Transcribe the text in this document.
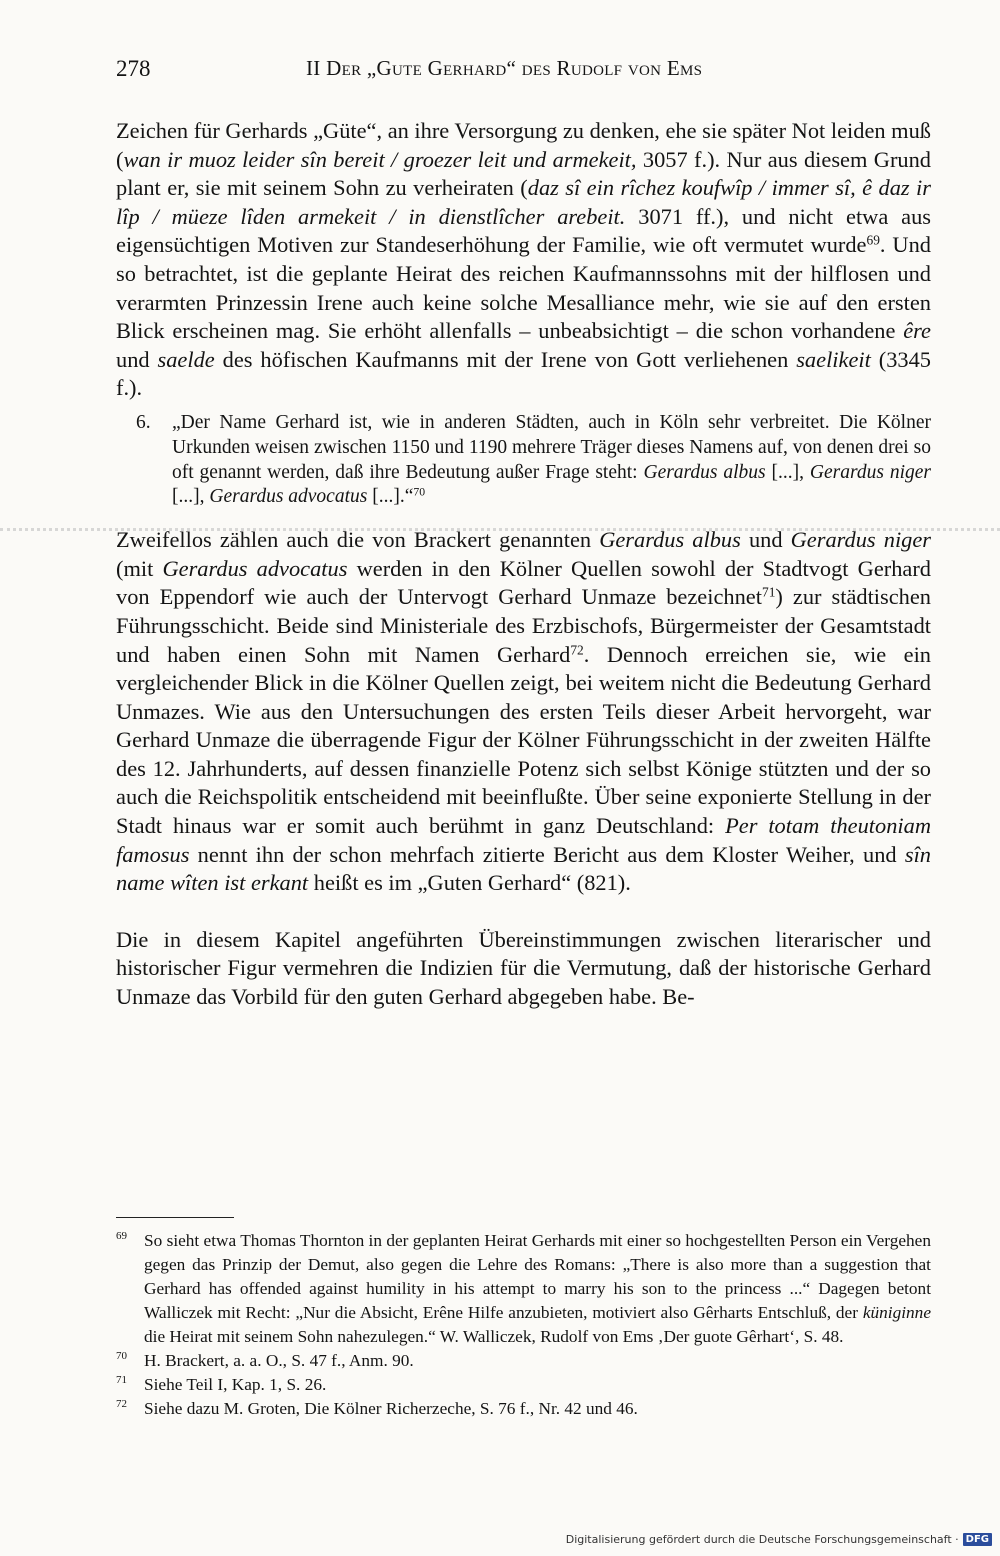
278	II Der „Gute Gerhard“ des Rudolf von Ems

Zeichen für Gerhards „Güte“, an ihre Versorgung zu denken, ehe sie später Not leiden muß (wan ir muoz leider sîn bereit / groezer leit und armekeit, 3057 f.). Nur aus diesem Grund plant er, sie mit seinem Sohn zu verheiraten (daz sî ein rîchez koufwîp / immer sî, ê daz ir lîp / müeze lîden armekeit / in dienstlîcher arebeit. 3071 ff.), und nicht etwa aus eigensüchtigen Motiven zur Standeserhöhung der Familie, wie oft vermutet wurde$^{69}$. Und so betrachtet, ist die geplante Heirat des reichen Kaufmannssohns mit der hilflosen und verarmten Prinzessin Irene auch keine solche Mesalliance mehr, wie sie auf den ersten Blick erscheinen mag. Sie erhöht allenfalls – unbeabsichtigt – die schon vorhandene êre und saelde des höfischen Kaufmanns mit der Irene von Gott verliehenen saelikeit (3345 f.).

6. „Der Name Gerhard ist, wie in anderen Städten, auch in Köln sehr verbreitet. Die Kölner Urkunden weisen zwischen 1150 und 1190 mehrere Träger dieses Namens auf, von denen drei so oft genannt werden, daß ihre Bedeutung außer Frage steht: Gerardus albus [...], Gerardus niger [...], Gerardus advocatus [...].“$^{70}$

Zweifellos zählen auch die von Brackert genannten Gerardus albus und Gerardus niger (mit Gerardus advocatus werden in den Kölner Quellen sowohl der Stadtvogt Gerhard von Eppendorf wie auch der Untervogt Gerhard Unmaze bezeichnet$^{71}$) zur städtischen Führungsschicht. Beide sind Ministeriale des Erzbischofs, Bürgermeister der Gesamtstadt und haben einen Sohn mit Namen Gerhard$^{72}$. Dennoch erreichen sie, wie ein vergleichender Blick in die Kölner Quellen zeigt, bei weitem nicht die Bedeutung Gerhard Unmazes. Wie aus den Untersuchungen des ersten Teils dieser Arbeit hervorgeht, war Gerhard Unmaze die überragende Figur der Kölner Führungsschicht in der zweiten Hälfte des 12. Jahrhunderts, auf dessen finanzielle Potenz sich selbst Könige stützten und der so auch die Reichspolitik entscheidend mit beeinflußte. Über seine exponierte Stellung in der Stadt hinaus war er somit auch berühmt in ganz Deutschland: Per totam theutoniam famosus nennt ihn der schon mehrfach zitierte Bericht aus dem Kloster Weiher, und sîn name wîten ist erkant heißt es im „Guten Gerhard“ (821).

Die in diesem Kapitel angeführten Übereinstimmungen zwischen literarischer und historischer Figur vermehren die Indizien für die Vermutung, daß der historische Gerhard Unmaze das Vorbild für den guten Gerhard abgegeben habe. Be-

69 So sieht etwa Thomas Thornton in der geplanten Heirat Gerhards mit einer so hochgestellten Person ein Vergehen gegen das Prinzip der Demut, also gegen die Lehre des Romans: „There is also more than a suggestion that Gerhard has offended against humility in his attempt to marry his son to the princess ...“ Dagegen betont Walliczek mit Recht: „Nur die Absicht, Erêne Hilfe anzubieten, motiviert also Gêrharts Entschluß, der küniginne die Heirat mit seinem Sohn nahezulegen.“ W. Walliczek, Rudolf von Ems ‚Der guote Gêrhart‘, S. 48.
70 H. Brackert, a. a. O., S. 47 f., Anm. 90.
71 Siehe Teil I, Kap. 1, S. 26.
72 Siehe dazu M. Groten, Die Kölner Richerzeche, S. 76 f., Nr. 42 und 46.
Digitalisierung gefördert durch die Deutsche Forschungsgemeinschaft · DFG
